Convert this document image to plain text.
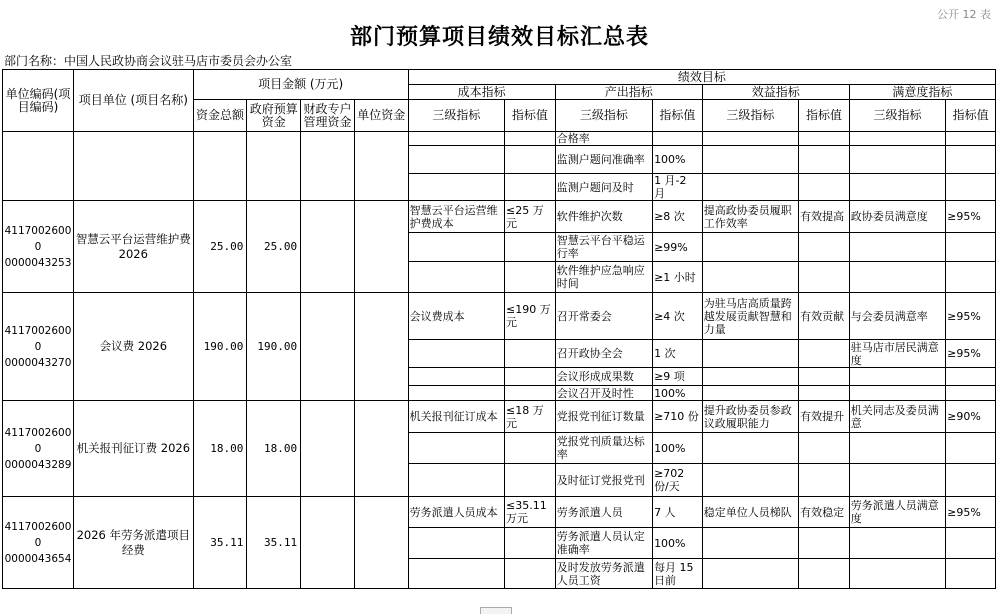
公开 12 表
部门预算项目绩效目标汇总表
部门名称：中国人民政协商会议驻马店市委员会办公室
单位编码(项目编码)	项目单位 (项目名称)	项目金额 (万元)				绩效目标							
						成本指标		产出指标		效益指标		满意度指标	
		资金总额	政府预算资金	财政专户管理资金	单位资金	三级指标	指标值	三级指标	指标值	三级指标	指标值	三级指标	指标值
								合格率					
								监测户题问准确率	100%				
								监测户题问及时	1 月-2 月				

41170026000
0000043253	智慧云平台运营维护费 2026	25.00	25.00			智慧云平台运营维护费成本	≤25 万元	软件维护次数	≥8 次	提高政协委员履职工作效率	有效提高	政协委员满意度	≥95%
								智慧云平台平稳运行率	≥99%				
								软件维护应急响应时间	≥1 小时				

41170026000
0000043270	会议费 2026	190.00	190.00			会议费成本	≤190 万元	召开常委会	≥4 次	为驻马店高质量跨越发展贡献智慧和力量	有效贡献	与会委员满意率	≥95%
								召开政协全会	1 次			驻马店市居民满意度	≥95%
								会议形成成果数	≥9 项				
								会议召开及时性	100%				

41170026000
0000043289	机关报刊征订费 2026	18.00	18.00			机关报刊征订成本	≤18 万元	党报党刊征订数量	≥710 份	提升政协委员参政议政履职能力	有效提升	机关同志及委员满意	≥90%
								党报党刊质量达标率	100%				
								及时征订党报党刊	≥702 份/天				

41170026000
0000043654	2026 年劳务派遣项目经费	35.11	35.11			劳务派遣人员成本	≤35.11 万元	劳务派遣人员	7 人	稳定单位人员梯队	有效稳定	劳务派遣人员满意度	≥95%
								劳务派遣人员认定准确率	100%				
								及时发放劳务派遣人员工资	每月 15 日前				
